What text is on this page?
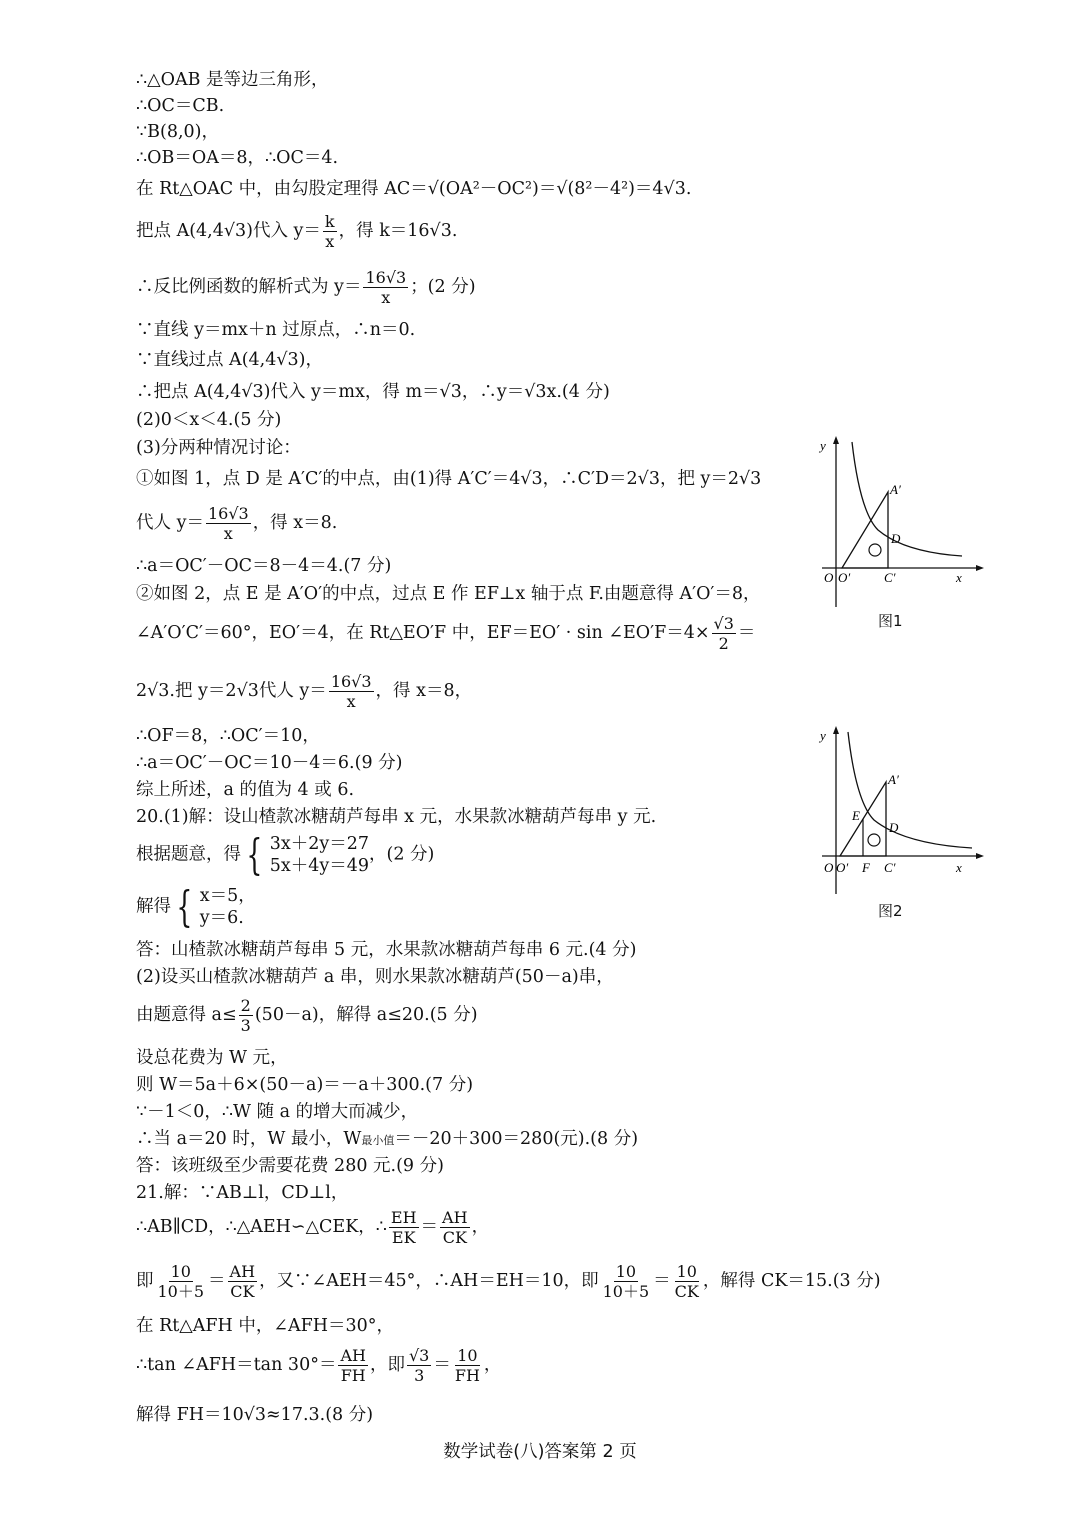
∴△OAB 是等边三角形，
∴OC＝CB.
∵B(8,0)，
∴OB＝OA＝8，∴OC＝4.
在 Rt△OAC 中，由勾股定理得 AC＝√(OA²－OC²)＝√(8²－4²)＝4√3.
把点 A(4,4√3)代入 $y= \frac{k}{x}$ ，得 k＝16√3.
∴反比例函数的解析式为 $y= \frac{16√3}{x}$ ；(2 分)
∵直线 y＝mx＋n 过原点，∴n＝0.
∵直线过点 A(4,4√3)，
∴把点 A(4,4√3)代入 y＝mx，得 m＝√3，∴y＝√3x.(4 分)
(2)0＜x＜4.(5 分)
(3)分两种情况讨论：
①如图 1，点 D 是 A′C′的中点，由(1)得 A′C′＝4√3，∴C′D＝2√3，把 y＝2√3
代人 $y= \frac{16√3}{x}$ ，得 x＝8.
∴a＝OC′－OC＝8－4＝4.(7 分)
②如图 2，点 E 是 A′O′的中点，过点 E 作 EF⊥x 轴于点 F.由题意得 A′O′＝8，
∠A′O′C′＝60°，EO′＝4，在 Rt△EO′F 中，EF＝EO′ · sin ∠EO′F＝4× $\frac{√3}{2}$ ＝
2√3.把 y＝2√3代人 $y= \frac{16√3}{x}$ ，得 x＝8，
∴OF＝8，∴OC′＝10，
∴a＝OC′－OC＝10－4＝6.(9 分)
综上所述，a 的值为 4 或 6.
20.(1)解：设山楂款冰糖葫芦每串 x 元，水果款冰糖葫芦每串 y 元.
根据题意，得 { 3x＋2y＝27
5x＋4y＝49
，(2 分)
解得 { x＝5，
y＝6.
答：山楂款冰糖葫芦每串 5 元，水果款冰糖葫芦每串 6 元.(4 分)
(2)设买山楂款冰糖葫芦 a 串，则水果款冰糖葫芦(50－a)串，
由题意得 $a\le \frac{2}{3} (50-a)$，解得 a≤20.(5 分)
设总花费为 W 元，
则 W＝5a＋6×(50－a)＝－a＋300.(7 分)
∵－1＜0，∴W 随 a 的增大而减少，
∴当 a＝20 时，W 最小，W最小值＝－20＋300＝280(元).(8 分)
答：该班级至少需要花费 280 元.(9 分)
21.解：∵AB⊥l，CD⊥l，
∴AB∥CD，∴△AEH∽△CEK，∴ $\frac{EH}{EK} = \frac{AH}{CK}$ ，
即 $\frac{10}{10+5} = \frac{AH}{CK}$ ，又∵∠AEH＝45°，∴AH＝EH＝10，即 $\frac{10}{10+5} = \frac{10}{CK}$ ，解得 CK＝15.(3 分)
在 Rt△AFH 中，∠AFH＝30°，
∴tan ∠AFH＝tan $30^\circ= \frac{AH}{FH}$ ，即 $\frac{√3}{3} = \frac{10}{FH}$ ，
解得 FH＝10√3≈17.3.(8 分)
y
x
O O′	C′
D
A′
图1
y
x
O O′ F C′
D
E
A′
图2
数学试卷(八)答案第 2 页
